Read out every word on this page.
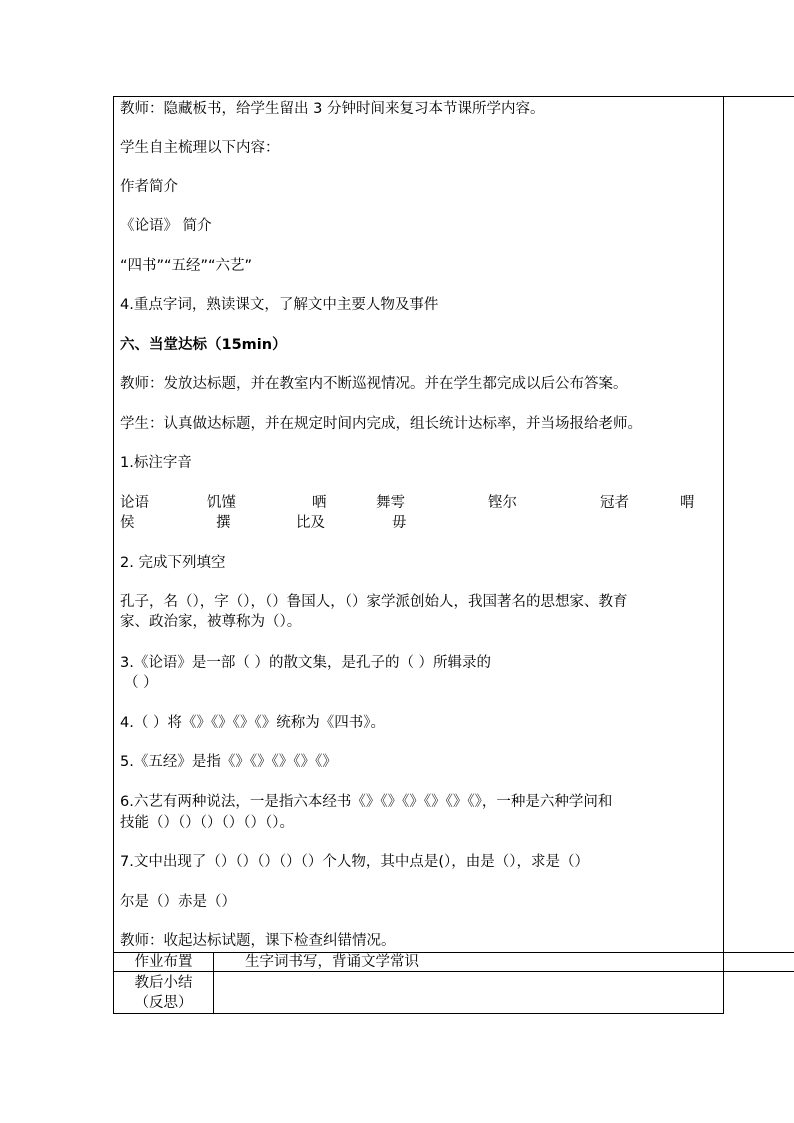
教师：隐藏板书，给学生留出 3 分钟时间来复习本节课所学内容。
学生自主梳理以下内容：
作者简介
《论语》 简介
“四书”“五经”“六艺”
4.重点字词，熟读课文，了解文中主要人物及事件
六、当堂达标（15min）
教师：发放达标题，并在教室内不断巡视情况。并在学生都完成以后公布答案。
学生：认真做达标题，并在规定时间内完成，组长统计达标率，并当场报给老师。
1.标注字音
论语	饥馑	哂	舞雩	铿尔	冠者	喟
侯	撰	比及	毋
2. 完成下列填空
孔子，名（），字（），（）鲁国人，（）家学派创始人，我国著名的思想家、教育
家、政治家，被尊称为（）。
3.《论语》是一部（ ）的散文集，是孔子的（ ）所辑录的
（ ）
4.（ ）将《》《》《》《》统称为《四书》。
5.《五经》是指《》《》《》《》《》
6.六艺有两种说法，一是指六本经书《》《》《》《》《》《》，一种是六种学问和
技能（）（）（）（）（）（）。
7.文中出现了（）（）（）（）（）个人物，其中点是(），由是（），求是（）
尔是（）赤是（）
教师：收起达标试题，课下检查纠错情况。
作业布置	生字词书写，背诵文学常识
教后小结
（反思）
